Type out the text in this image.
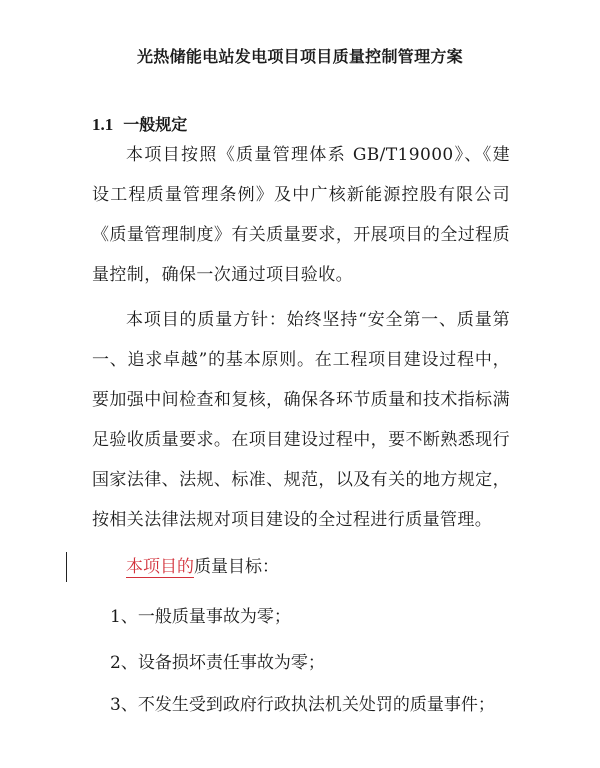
光热储能电站发电项目项目质量控制管理方案
1.1 一般规定

本项目按照《质量管理体系 GB/T19000》、《建设工程质量管理条例》及中广核新能源控股有限公司《质量管理制度》有关质量要求，开展项目的全过程质量控制，确保一次通过项目验收。

本项目的质量方针：始终坚持“安全第一、质量第一、追求卓越”的基本原则。在工程项目建设过程中，要加强中间检查和复核，确保各环节质量和技术指标满足验收质量要求。在项目建设过程中，要不断熟悉现行国家法律、法规、标准、规范，以及有关的地方规定，按相关法律法规对项目建设的全过程进行质量管理。

本项目的质量目标：

1、一般质量事故为零；
2、设备损坏责任事故为零；
3、不发生受到政府行政执法机关处罚的质量事件；
